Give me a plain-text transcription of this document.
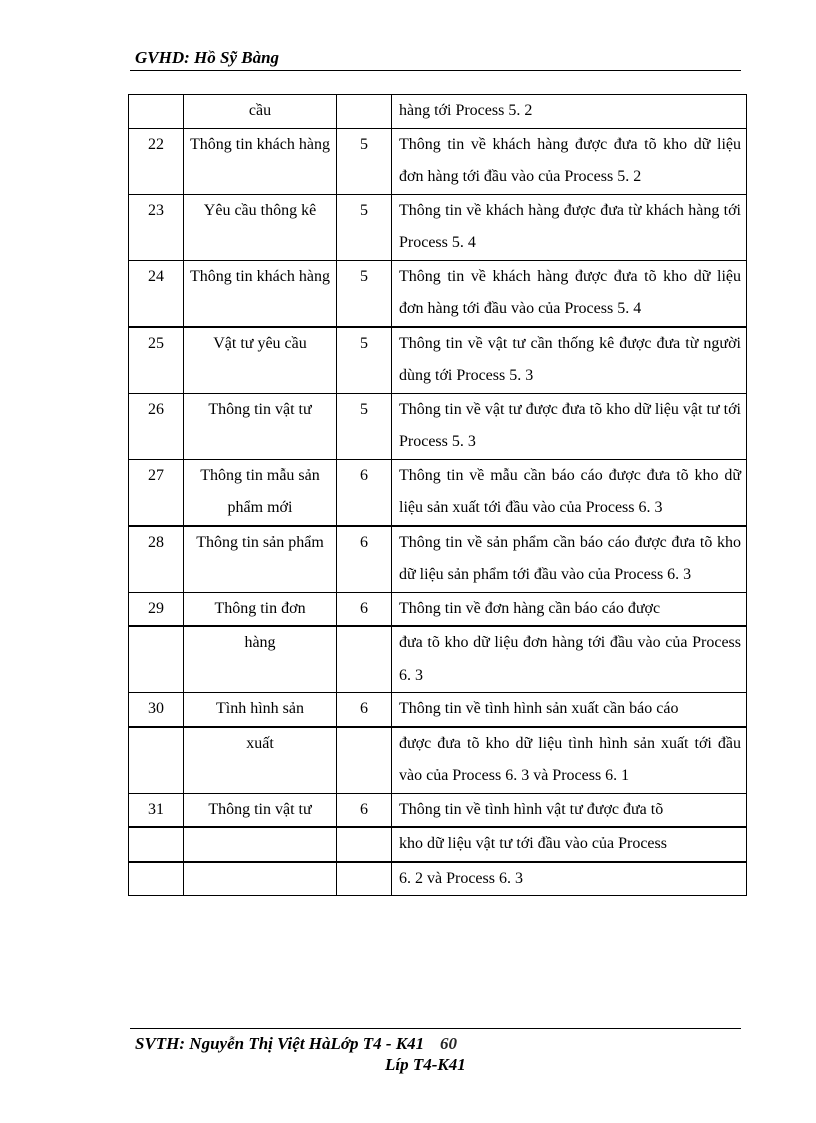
GVHD: Hồ Sỹ Bàng
	cầu		hàng tới Process 5. 2
22	Thông tin khách hàng	5	Thông tin về khách hàng được đưa tõ kho dữ liệu đơn hàng tới đầu vào của Process 5. 2
23	Yêu cầu thông kê	5	Thông tin về khách hàng được đưa từ khách hàng tới Process 5. 4
24	Thông tin khách hàng	5	Thông tin về khách hàng được đưa tõ kho dữ liệu đơn hàng tới đầu vào của Process 5. 4
25	Vật tư yêu cầu	5	Thông tin về vật tư cần thống kê được đưa từ người dùng tới Process 5. 3
26	Thông tin vật tư	5	Thông tin về vật tư được đưa tõ kho dữ liệu vật tư tới Process 5. 3
27	Thông tin mẫu sản phẩm mới	6	Thông tin về mẫu cần báo cáo được đưa tõ kho dữ liệu sản xuất tới đầu vào của Process 6. 3
28	Thông tin sản phẩm	6	Thông tin về sản phẩm cần báo cáo được đưa tõ kho dữ liệu sản phẩm tới đầu vào của Process 6. 3
29	Thông tin đơn	6	Thông tin về đơn hàng cần báo cáo được
	hàng		đưa tõ kho dữ liệu đơn hàng tới đầu vào của Process 6. 3
30	Tình hình sản	6	Thông tin về tình hình sản xuất cần báo cáo
	xuất		được đưa tõ kho dữ liệu tình hình sản xuất tới đầu vào của Process 6. 3 và Process 6. 1
31	Thông tin vật tư	6	Thông tin về tình hình vật tư được đưa tõ
			kho dữ liệu vật tư tới đầu vào của Process
			6. 2 và Process 6. 3
SVTH: Nguyễn Thị Việt HàLớp T4 - K41 60
Líp T4-K41
